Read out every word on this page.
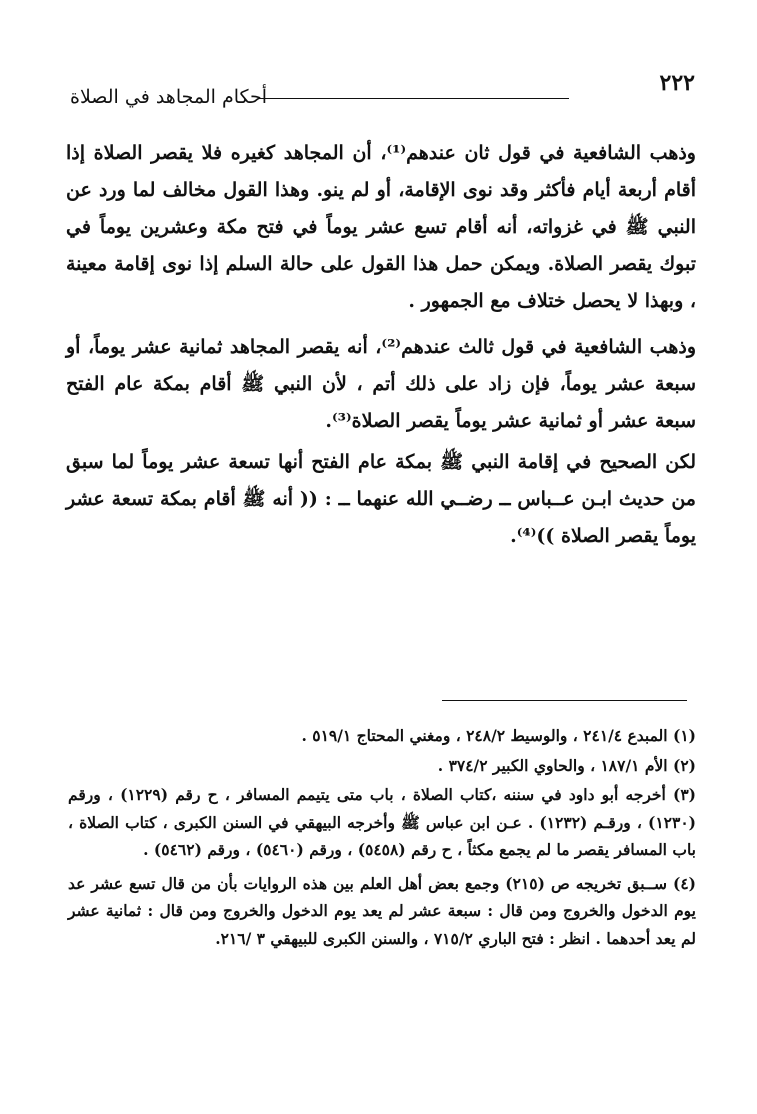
٢٢٢
أحكام المجاهد في الصلاة

وذهب الشافعية في قول ثان عندهم⁽¹⁾، أن المجاهد كغيره فلا يقصر الصلاة إذا أقام أربعة أيام فأكثر وقد نوى الإقامة، أو لم ينو. وهذا القول مخالف لما ورد عن النبي ﷺ في غزواته، أنه أقام تسع عشر يوماً في فتح مكة وعشرين يوماً في تبوك يقصر الصلاة. ويمكن حمل هذا القول على حالة السلم إذا نوى إقامة معينة ، وبهذا لا يحصل ختلاف مع الجمهور .

وذهب الشافعية في قول ثالث عندهم⁽²⁾، أنه يقصر المجاهد ثمانية عشر يوماً، أو سبعة عشر يوماً، فإن زاد على ذلك أتم ، لأن النبي ﷺ أقام بمكة عام الفتح سبعة عشر أو ثمانية عشر يوماً يقصر الصلاة⁽³⁾.

لكن الصحيح في إقامة النبي ﷺ بمكة عام الفتح أنها تسعة عشر يوماً لما سبق من حديث ابـن عــباس ــ رضــي الله عنهما ــ : (( أنه ﷺ أقام بمكة تسعة عشر يوماً يقصر الصلاة ))⁽⁴⁾.

(١) المبدع ٢٤١/٤ ، والوسيط ٢٤٨/٢ ، ومغني المحتاج ٥١٩/١ .

(٢) الأم ١٨٧/١ ، والحاوي الكبير ٣٧٤/٢ .

(٣) أخرجه أبو داود في سننه ،كتاب الصلاة ، باب متى يتيمم المسافر ، ح رقم (١٢٢٩) ، ورقم (١٢٣٠) ، ورقـم (١٢٣٢) . عـن ابن عباس ﷺ وأخرجه البيهقي في السنن الكبرى ، كتاب الصلاة ، باب المسافر يقصر ما لم يجمع مكثاً ، ح رقم (٥٤٥٨) ، ورقم (٥٤٦٠) ، ورقم (٥٤٦٢) .

(٤) ســبق تخريجه ص (٢١٥) وجمع بعض أهل العلم بين هذه الروايات بأن من قال تسع عشر عد يوم الدخول والخروج ومن قال : سبعة عشر لم يعد يوم الدخول والخروج ومن قال : ثمانية عشر لم يعد أحدهما . انظر : فتح الباري ٧١٥/٢ ، والسنن الكبرى للبيهقي ٣ /٢١٦.
